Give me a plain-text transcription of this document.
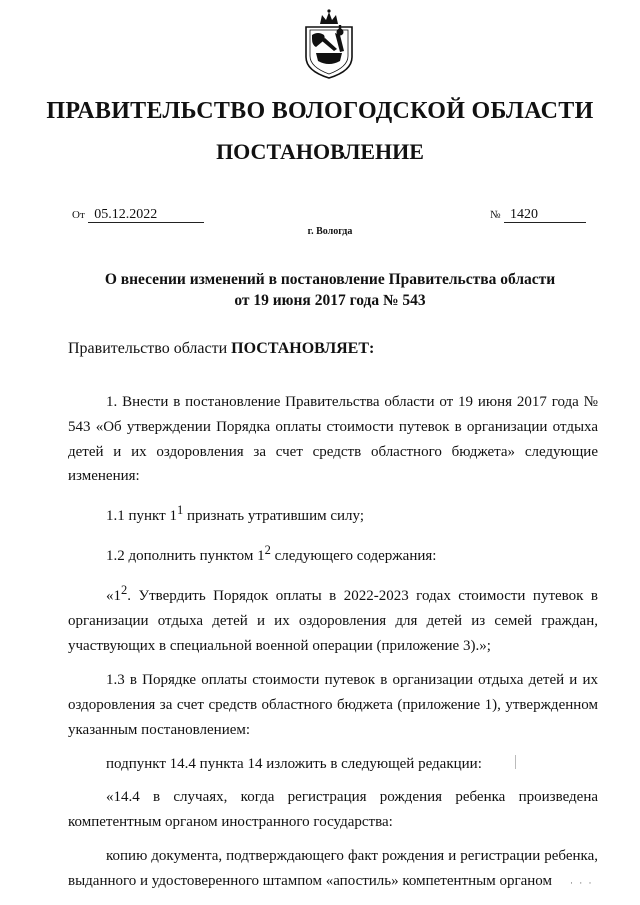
ПРАВИТЕЛЬСТВО ВОЛОГОДСКОЙ ОБЛАСТИ
ПОСТАНОВЛЕНИЕ
От 05.12.2022	№ 1420
г. Вологда
О внесении изменений в постановление Правительства области
от 19 июня 2017 года № 543
Правительство области ПОСТАНОВЛЯЕТ:

1. Внести в постановление Правительства области от 19 июня 2017 года № 543 «Об утверждении Порядка оплаты стоимости путевок в организации отдыха детей и их оздоровления за счет средств областного бюджета» следующие изменения:

1.1 пункт $1^1$ признать утратившим силу;

1.2 дополнить пунктом $1^2$ следующего содержания:

«$1^2$. Утвердить Порядок оплаты в 2022-2023 годах стоимости путевок в организации отдыха детей и их оздоровления для детей из семей граждан, участвующих в специальной военной операции (приложение 3).»;

1.3 в Порядке оплаты стоимости путевок в организации отдыха детей и их оздоровления за счет средств областного бюджета (приложение 1), утвержденном указанным постановлением:

подпункт 14.4 пункта 14 изложить в следующей редакции:

«14.4 в случаях, когда регистрация рождения ребенка произведена компетентным органом иностранного государства:

копию документа, подтверждающего факт рождения и регистрации ребенка, выданного и удостоверенного штампом «апостиль» компетентным органом	· · ·
